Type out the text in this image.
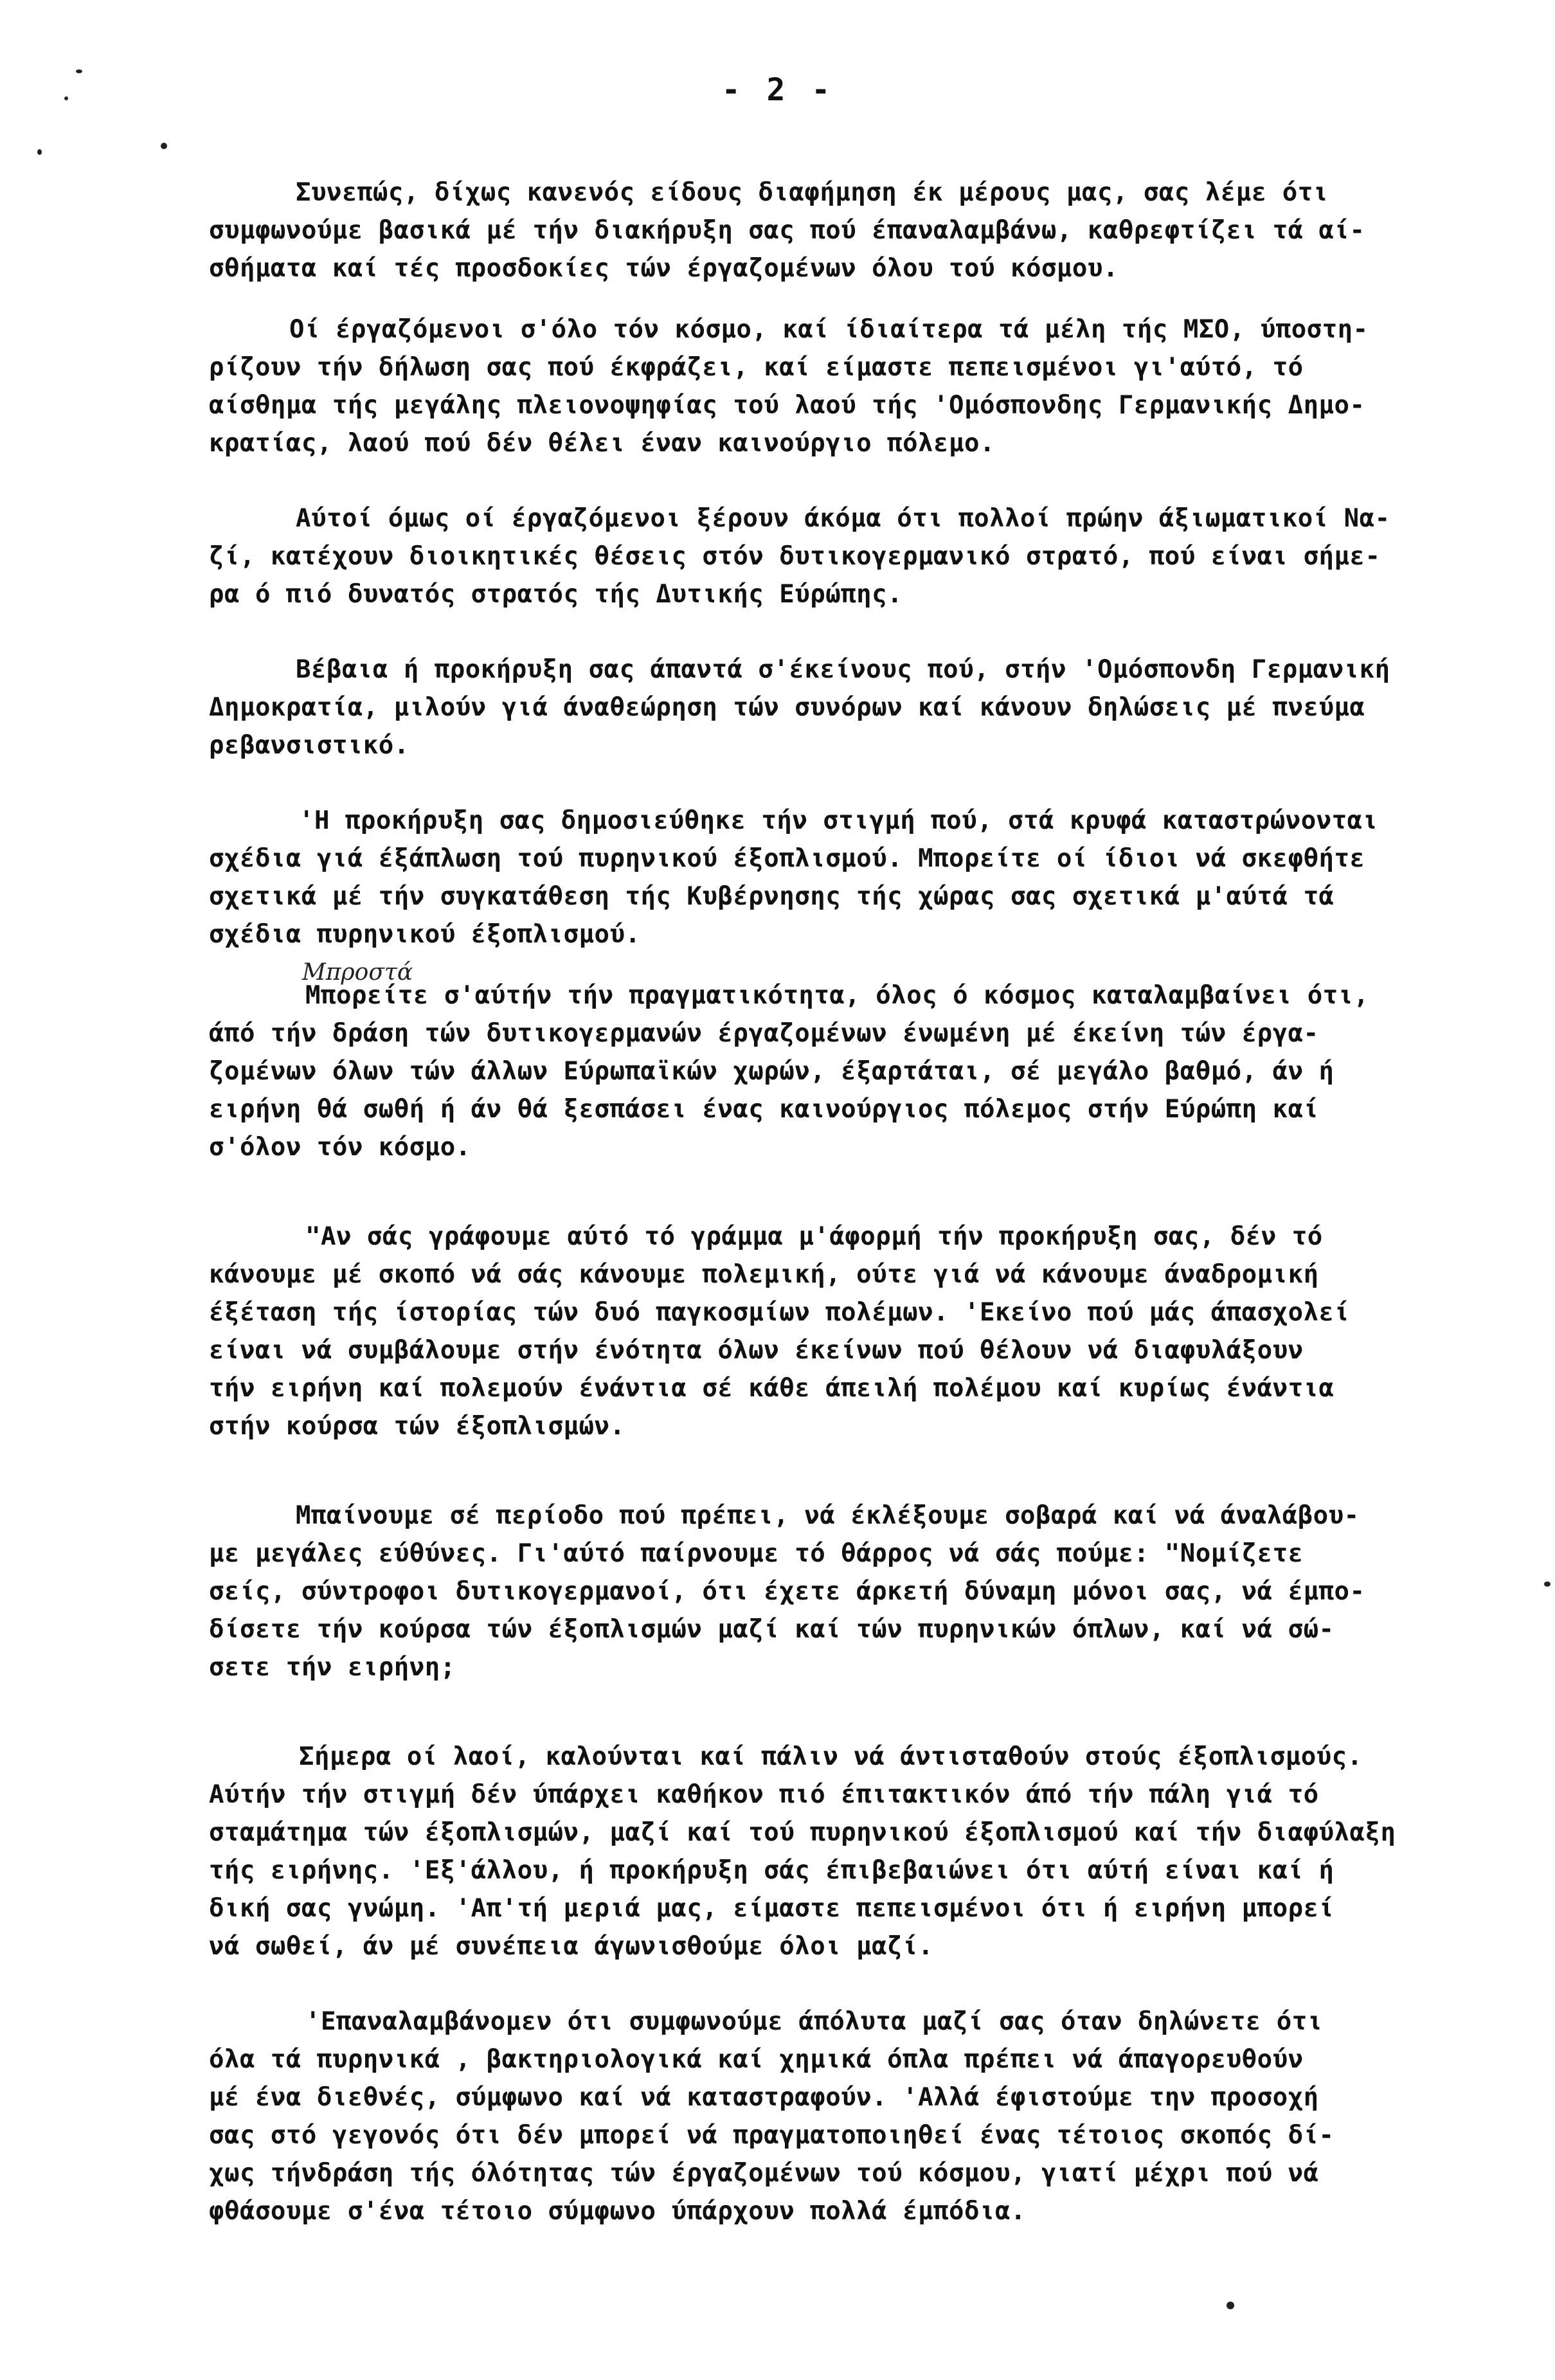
- 2 -
Μπροστά

Συνεπώς, δίχως κανενός είδους διαφήμηση έκ μέρους μας, σας λέμε ότι

συμφωνούμε βασικά μέ τήν διακήρυξη σας πού έπαναλαμβάνω, καθρεφτίζει τά αί-
σθήματα καί τές προσδοκίες τών έργαζομένων όλου τού κόσμου.

Οί έργαζόμενοι σ'όλο τόν κόσμο, καί ίδιαίτερα τά μέλη τής ΜΣΟ, ύποστη-
ρίζουν τήν δήλωση σας πού έκφράζει, καί είμαστε πεπεισμένοι γι'αύτό, τό
αίσθημα τής μεγάλης πλειονοψηφίας τού λαού τής 'Ομόσπονδης Γερμανικής Δημο-
κρατίας, λαού πού δέν θέλει έναν καινούργιο πόλεμο.

Αύτοί όμως οί έργαζόμενοι ξέρουν άκόμα ότι πολλοί πρώην άξιωματικοί Να-
ζί, κατέχουν διοικητικές θέσεις στόν δυτικογερμανικό στρατό, πού είναι σήμε-
ρα ό πιό δυνατός στρατός τής Δυτικής Εύρώπης.

Βέβαια ή προκήρυξη σας άπαντά σ'έκείνους πού, στήν 'Ομόσπονδη Γερμανική
Δημοκρατία, μιλούν γιά άναθεώρηση τών συνόρων καί κάνουν δηλώσεις μέ πνεύμα
ρεβανσιστικό.

'Η προκήρυξη σας δημοσιεύθηκε τήν στιγμή πού, στά κρυφά καταστρώνονται
σχέδια γιά έξάπλωση τού πυρηνικού έξοπλισμού. Μπορείτε οί ίδιοι νά σκεφθήτε
σχετικά μέ τήν συγκατάθεση τής Κυβέρνησης τής χώρας σας σχετικά μ'αύτά τά
σχέδια πυρηνικού έξοπλισμού.

Μπορείτε σ'αύτήν τήν πραγματικότητα, όλος ό κόσμος καταλαμβαίνει ότι,
άπό τήν δράση τών δυτικογερμανών έργαζομένων ένωμένη μέ έκείνη τών έργα-
ζομένων όλων τών άλλων Εύρωπαϊκών χωρών, έξαρτάται, σέ μεγάλο βαθμό, άν ή
ειρήνη θά σωθή ή άν θά ξεσπάσει ένας καινούργιος πόλεμος στήν Εύρώπη καί
σ'όλον τόν κόσμο.

"Αν σάς γράφουμε αύτό τό γράμμα μ'άφορμή τήν προκήρυξη σας, δέν τό
κάνουμε μέ σκοπό νά σάς κάνουμε πολεμική, ούτε γιά νά κάνουμε άναδρομική
έξέταση τής ίστορίας τών δυό παγκοσμίων πολέμων. 'Εκείνο πού μάς άπασχολεί
είναι νά συμβάλουμε στήν ένότητα όλων έκείνων πού θέλουν νά διαφυλάξουν
τήν ειρήνη καί πολεμούν ένάντια σέ κάθε άπειλή πολέμου καί κυρίως ένάντια
στήν κούρσα τών έξοπλισμών.

Μπαίνουμε σέ περίοδο πού πρέπει, νά έκλέξουμε σοβαρά καί νά άναλάβου-
με μεγάλες εύθύνες. Γι'αύτό παίρνουμε τό θάρρος νά σάς πούμε: "Νομίζετε
σείς, σύντροφοι δυτικογερμανοί, ότι έχετε άρκετή δύναμη μόνοι σας, νά έμπο-
δίσετε τήν κούρσα τών έξοπλισμών μαζί καί τών πυρηνικών όπλων, καί νά σώ-
σετε τήν ειρήνη;

Σήμερα οί λαοί, καλούνται καί πάλιν νά άντισταθούν στούς έξοπλισμούς.
Αύτήν τήν στιγμή δέν ύπάρχει καθήκον πιό έπιτακτικόν άπό τήν πάλη γιά τό
σταμάτημα τών έξοπλισμών, μαζί καί τού πυρηνικού έξοπλισμού καί τήν διαφύλαξη
τής ειρήνης. 'Εξ'άλλου, ή προκήρυξη σάς έπιβεβαιώνει ότι αύτή είναι καί ή
δική σας γνώμη. 'Απ'τή μεριά μας, είμαστε πεπεισμένοι ότι ή ειρήνη μπορεί
νά σωθεί, άν μέ συνέπεια άγωνισθούμε όλοι μαζί.

'Επαναλαμβάνομεν ότι συμφωνούμε άπόλυτα μαζί σας όταν δηλώνετε ότι
όλα τά πυρηνικά , βακτηριολογικά καί χημικά όπλα πρέπει νά άπαγορευθούν
μέ ένα διεθνές, σύμφωνο καί νά καταστραφούν. 'Αλλά έφιστούμε την προσοχή
σας στό γεγονός ότι δέν μπορεί νά πραγματοποιηθεί ένας τέτοιος σκοπός δί-
χως τήνδράση τής όλότητας τών έργαζομένων τού κόσμου, γιατί μέχρι πού νά
φθάσουμε σ'ένα τέτοιο σύμφωνο ύπάρχουν πολλά έμπόδια.
